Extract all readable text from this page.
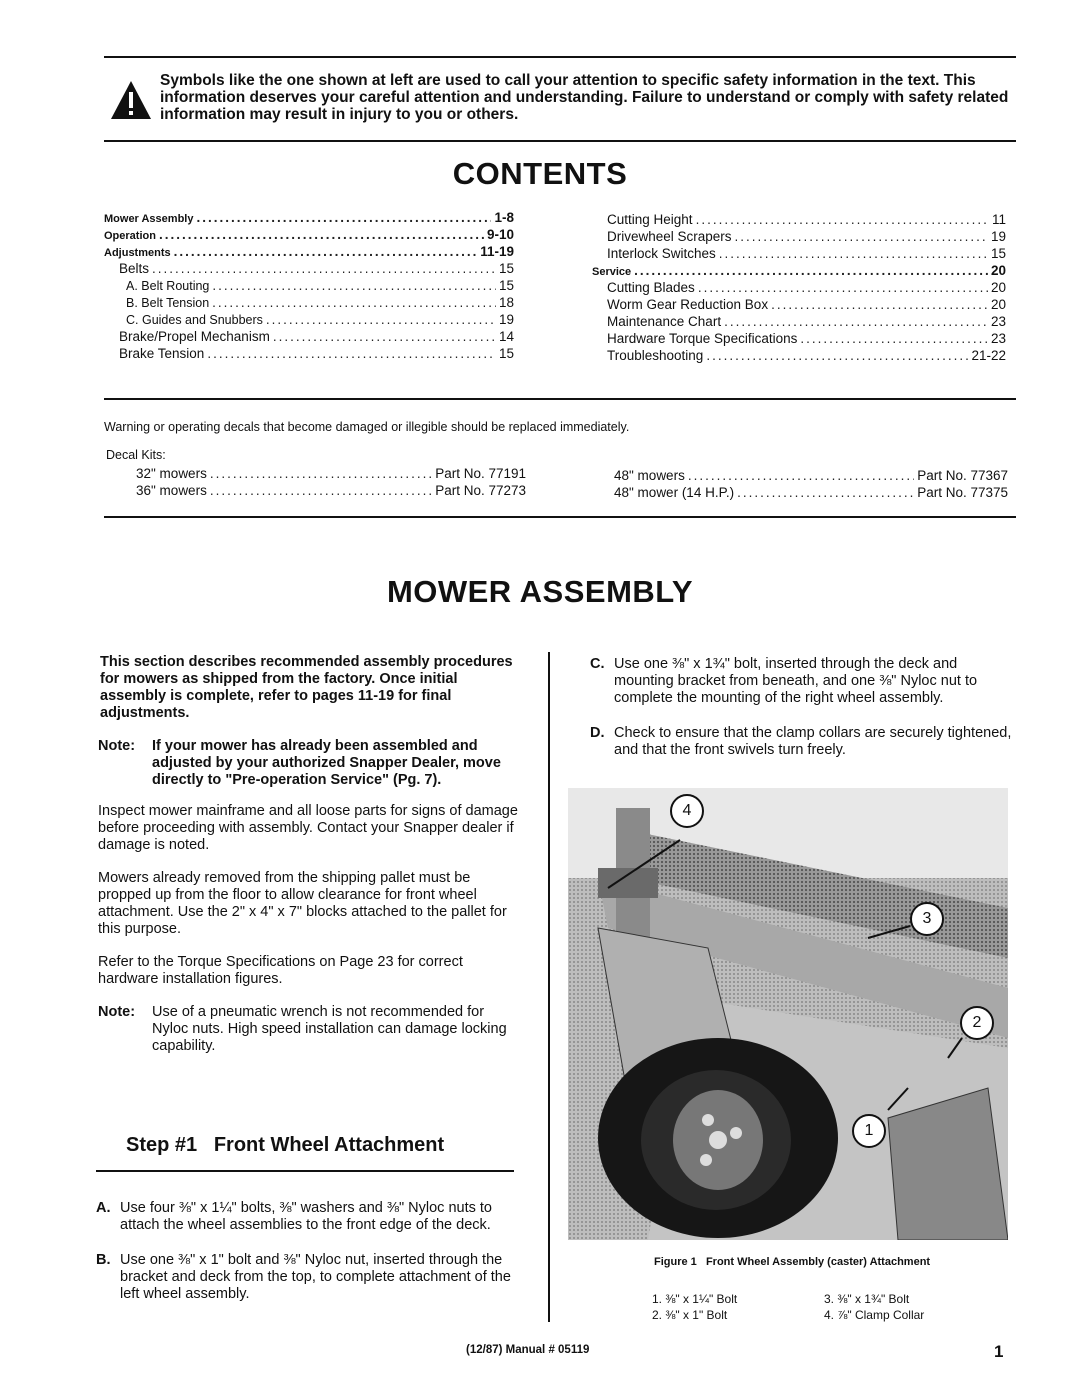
Symbols like the one shown at left are used to call your attention to specific safety information in the text. This information deserves your careful attention and understanding. Failure to understand or comply with safety related information may result in injury to you or others.
CONTENTS
Mower Assembly .....	1-8
Operation .....	9-10
Adjustments .....	11-19
Belts .....	15
A. Belt Routing .....	15
B. Belt Tension .....	18
C. Guides and Snubbers .....	19
Brake/Propel Mechanism .....	14
Brake Tension .....	15
Cutting Height .....	11
Drivewheel Scrapers .....	19
Interlock Switches .....	15
Service .....	20
Cutting Blades .....	20
Worm Gear Reduction Box .....	20
Maintenance Chart .....	23
Hardware Torque Specifications .....	23
Troubleshooting .....	21-22
Warning or operating decals that become damaged or illegible should be replaced immediately.
Decal Kits:
32" mowers .....	Part No. 77191
36" mowers .....	Part No. 77273
48" mowers .....	Part No. 77367
48" mower (14 H.P.) .....	Part No. 77375
MOWER ASSEMBLY

This section describes recommended assembly procedures for mowers as shipped from the factory. Once initial assembly is complete, refer to pages 11-19 for final adjustments.

Note:	If your mower has already been assembled and adjusted by your authorized Snapper Dealer, move directly to "Pre-operation Service" (Pg. 7).

Inspect mower mainframe and all loose parts for signs of damage before proceeding with assembly. Contact your Snapper dealer if damage is noted.

Mowers already removed from the shipping pallet must be propped up from the floor to allow clearance for front wheel attachment. Use the 2" x 4" x 7" blocks attached to the pallet for this purpose.

Refer to the Torque Specifications on Page 23 for correct hardware installation figures.

Note:	Use of a pneumatic wrench is not recommended for Nyloc nuts. High speed installation can damage locking capability.
Step #1   Front Wheel Attachment
A. Use four ⅜" x 1¼" bolts, ⅜" washers and ⅜" Nyloc nuts to attach the wheel assemblies to the front edge of the deck.
B. Use one ⅜" x 1" bolt and ⅜" Nyloc nut, inserted through the bracket and deck from the top, to complete attachment of the left wheel assembly.
C. Use one ⅜" x 1¾" bolt, inserted through the deck and mounting bracket from beneath, and one ⅜" Nyloc nut to complete the mounting of the right wheel assembly.
D. Check to ensure that the clamp collars are securely tightened, and that the front swivels turn freely.
4
3
2
1
Figure 1   Front Wheel Assembly (caster) Attachment
1. ⅜" x 1¼" Bolt	3. ⅜" x 1¾" Bolt
2. ⅜" x 1" Bolt	4. ⅞" Clamp Collar
(12/87) Manual # 05119	1
